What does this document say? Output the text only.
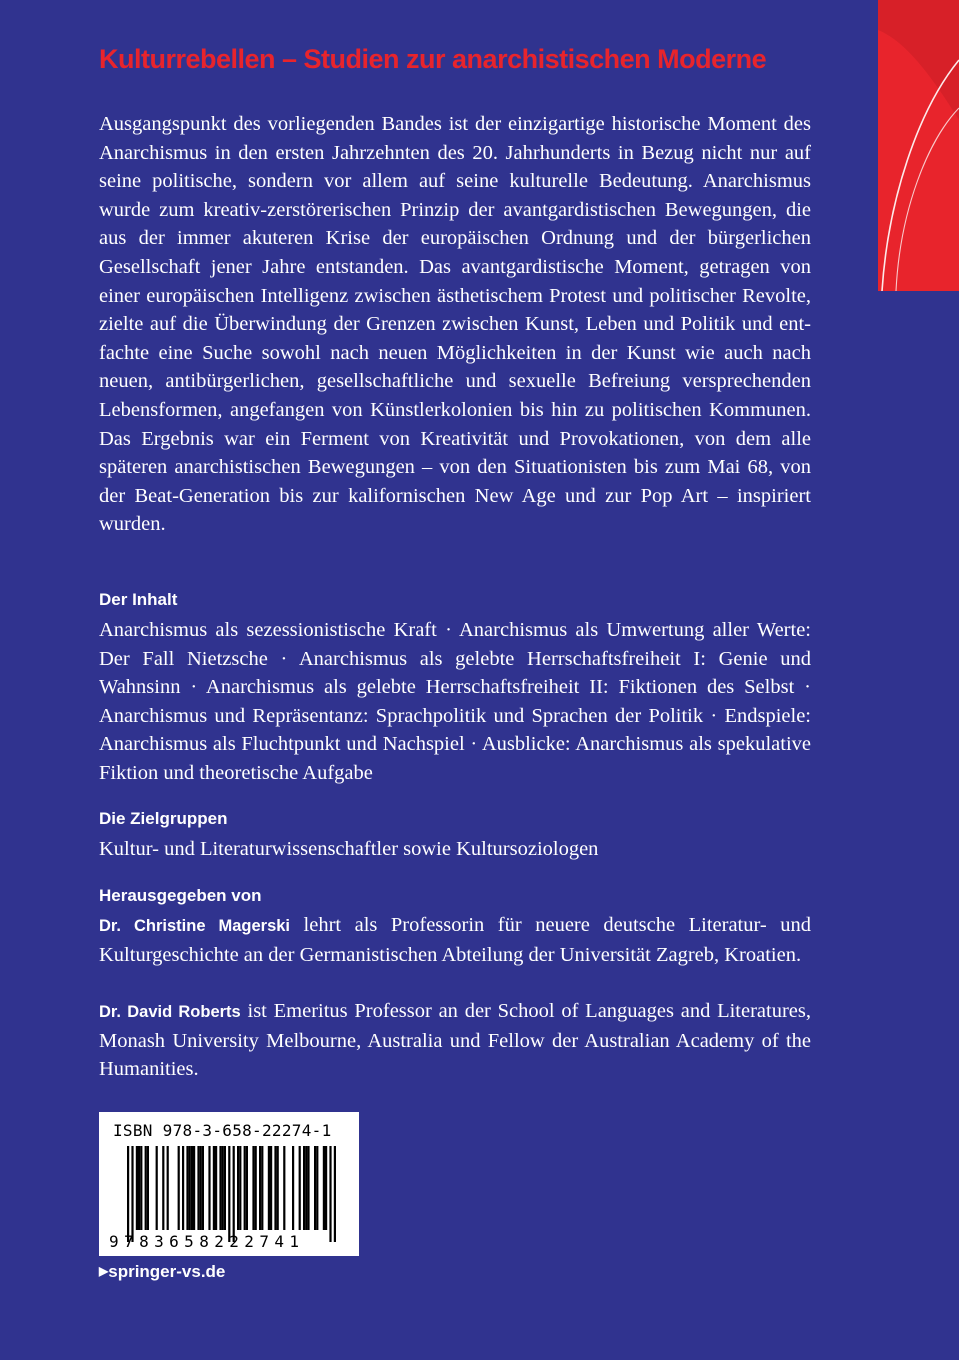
Kulturrebellen – Studien zur anarchistischen Moderne

Ausgangspunkt des vorliegenden Bandes ist der einzigartige historische Moment des Anarchismus in den ersten Jahrzehnten des 20. Jahrhunderts in Bezug nicht nur auf seine politische, sondern vor allem auf seine kulturelle Bedeutung. Anarchismus wurde zum kreativ-zerstörerischen Prinzip der avantgardistischen Bewegungen, die aus der immer akuteren Krise der europäischen Ordnung und der bürgerlichen Gesellschaft jener Jahre entstanden. Das avantgardistische Moment, getragen von einer europäischen Intelligenz zwischen ästhetischem Protest und politischer Revolte, zielte auf die Überwindung der Grenzen zwischen Kunst, Leben und Politik und entfachte eine Suche sowohl nach neuen Möglichkeiten in der Kunst wie auch nach neuen, antibürgerlichen, gesellschaftliche und sexuelle Befreiung versprechenden Lebensformen, angefangen von Künstlerkolonien bis hin zu politischen Kommunen. Das Ergebnis war ein Ferment von Kreativität und Provokationen, von dem alle späteren anarchistischen Bewegungen – von den Situationisten bis zum Mai 68, von der Beat-Generation bis zur kalifornischen New Age und zur Pop Art – inspiriert wurden.

Der Inhalt

Anarchismus als sezessionistische Kraft · Anarchismus als Umwertung aller Werte: Der Fall Nietzsche · Anarchismus als gelebte Herrschaftsfreiheit I: Genie und Wahnsinn · Anarchismus als gelebte Herrschaftsfreiheit II: Fiktionen des Selbst · Anarchismus und Repräsentanz: Sprachpolitik und Sprachen der Politik · Endspiele: Anarchismus als Fluchtpunkt und Nachspiel · Ausblicke: Anarchismus als spekulative Fiktion und theoretische Aufgabe

Die Zielgruppen

Kultur- und Literaturwissenschaftler sowie Kultursoziologen

Herausgegeben von

Dr. Christine Magerski lehrt als Professorin für neuere deutsche Literatur- und Kulturgeschichte an der Germanistischen Abteilung der Universität Zagreb, Kroatien.

Dr. David Roberts ist Emeritus Professor an der School of Languages and Literatures, Monash University Melbourne, Australia und Fellow der Australian Academy of the Humanities.

ISBN 978-3-658-22274-1
9783658222741
▶springer-vs.de
